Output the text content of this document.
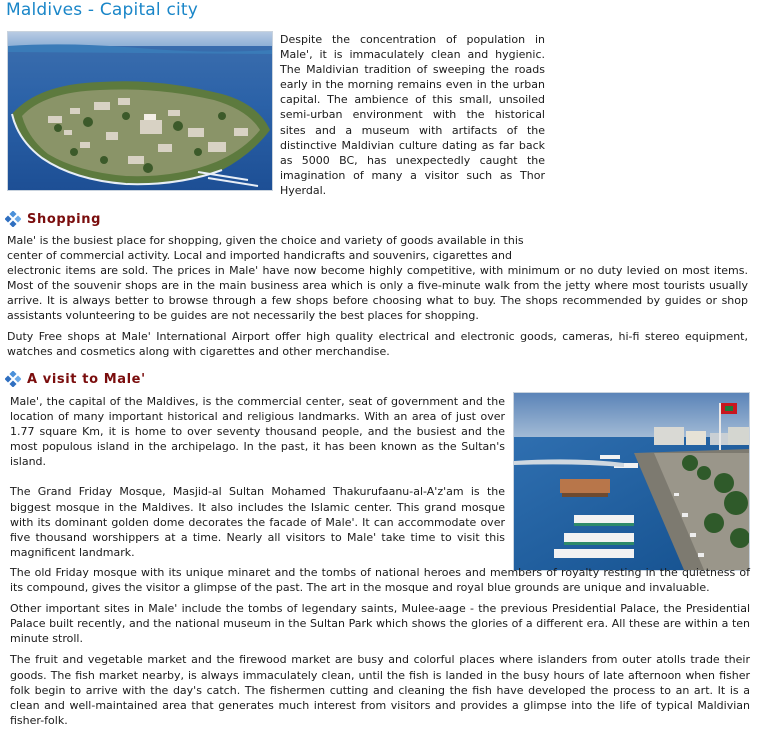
Maldives - Capital city

Despite the concentration of population in Male', it is immaculately clean and hygienic. The Maldivian tradition of sweeping the roads early in the morning remains even in the urban capital. The ambience of this small, unsoiled semi-urban environment with the historical sites and a museum with artifacts of the distinctive Maldivian culture dating as far back as 5000 BC, has unexpectedly caught the imagination of many a visitor such as Thor Hyerdal.

Shopping

Male' is the busiest place for shopping, given the choice and variety of goods available in this

center of commercial activity. Local and imported handicrafts and souvenirs, cigarettes and

electronic items are sold. The prices in Male' have now become highly competitive, with minimum or no duty levied on most items. Most of the souvenir shops are in the main business area which is only a five-minute walk from the jetty where most tourists usually arrive. It is always better to browse through a few shops before choosing what to buy. The shops recommended by guides or shop assistants volunteering to be guides are not necessarily the best places for shopping.

Duty Free shops at Male' International Airport offer high quality electrical and electronic goods, cameras, hi-fi stereo equipment, watches and cosmetics along with cigarettes and other merchandise.

A visit to Male'

Male', the capital of the Maldives, is the commercial center, seat of government and the location of many important historical and religious landmarks. With an area of just over 1.77 square Km, it is home to over seventy thousand people, and the busiest and the most populous island in the archipelago. In the past, it has been known as the Sultan's island.

The Grand Friday Mosque, Masjid-al Sultan Mohamed Thakurufaanu-al-A'z'am is the biggest mosque in the Maldives. It also includes the Islamic center. This grand mosque with its dominant golden dome decorates the facade of Male'. It can accommodate over five thousand worshippers at a time. Nearly all visitors to Male' take time to visit this magnificent landmark.

The old Friday mosque with its unique minaret and the tombs of national heroes and members of royalty resting in the quietness of its compound, gives the visitor a glimpse of the past. The art in the mosque and royal blue grounds are unique and invaluable.

Other important sites in Male' include the tombs of legendary saints, Mulee-aage - the previous Presidential Palace, the Presidential Palace built recently, and the national museum in the Sultan Park which shows the glories of a different era. All these are within a ten minute stroll.

The fruit and vegetable market and the firewood market are busy and colorful places where islanders from outer atolls trade their goods. The fish market nearby, is always immaculately clean, until the fish is landed in the busy hours of late afternoon when fisher folk begin to arrive with the day's catch. The fishermen cutting and cleaning the fish have developed the process to an art. It is a clean and well-maintained area that generates much interest from visitors and provides a glimpse into the life of typical Maldivian fisher-folk.
